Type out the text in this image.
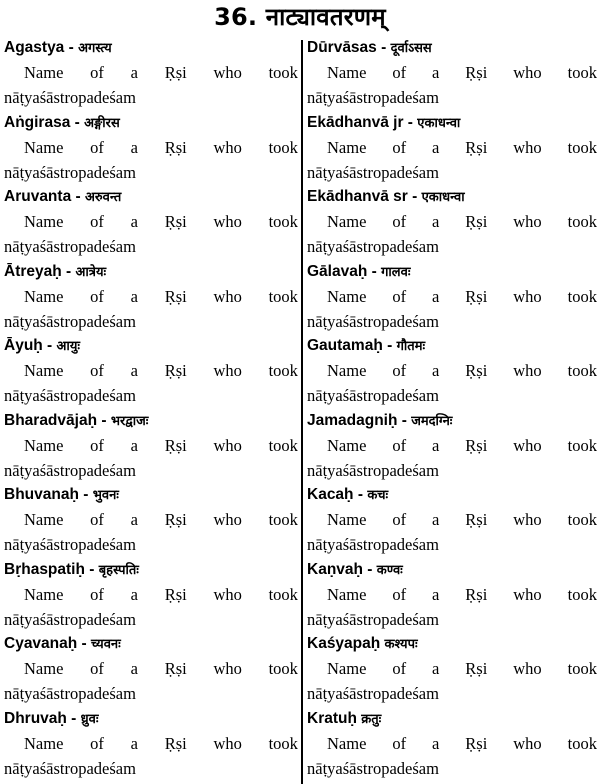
36. नाट्यावतरणम्
Agastya - अगस्त्य
Name of a Ṛṣi who took
nāṭyaśāstropadeśam
Aṅgirasa - अङ्गीरस
Name of a Ṛṣi who took
nāṭyaśāstropadeśam
Aruvanta - अरुवन्त
Name of a Ṛṣi who took
nāṭyaśāstropadeśam
Ātreyaḥ - आत्रेयः
Name of a Ṛṣi who took
nāṭyaśāstropadeśam
Āyuḥ - आयुः
Name of a Ṛṣi who took
nāṭyaśāstropadeśam
Bharadvājaḥ - भरद्वाजः
Name of a Ṛṣi who took
nāṭyaśāstropadeśam
Bhuvanaḥ - भुवनः
Name of a Ṛṣi who took
nāṭyaśāstropadeśam
Bṛhaspatiḥ - बृहस्पतिः
Name of a Ṛṣi who took
nāṭyaśāstropadeśam
Cyavanaḥ - च्यवनः
Name of a Ṛṣi who took
nāṭyaśāstropadeśam
Dhruvaḥ - ध्रुवः
Name of a Ṛṣi who took
nāṭyaśāstropadeśam
Dūrvāsas - दूर्वाऽसस
Name of a Ṛṣi who took
nāṭyaśāstropadeśam
Ekādhanvā jr - एकाधन्वा
Name of a Ṛṣi who took
nāṭyaśāstropadeśam
Ekādhanvā sr - एकाधन्वा
Name of a Ṛṣi who took
nāṭyaśāstropadeśam
Gālavaḥ - गालवः
Name of a Ṛṣi who took
nāṭyaśāstropadeśam
Gautamaḥ - गौतमः
Name of a Ṛṣi who took
nāṭyaśāstropadeśam
Jamadagniḥ - जमदग्निः
Name of a Ṛṣi who took
nāṭyaśāstropadeśam
Kacaḥ - कचः
Name of a Ṛṣi who took
nāṭyaśāstropadeśam
Kaṇvaḥ - कण्वः
Name of a Ṛṣi who took
nāṭyaśāstropadeśam
Kaśyapaḥ कश्यपः
Name of a Ṛṣi who took
nāṭyaśāstropadeśam
Kratuḥ क्रतुः
Name of a Ṛṣi who took
nāṭyaśāstropadeśam
